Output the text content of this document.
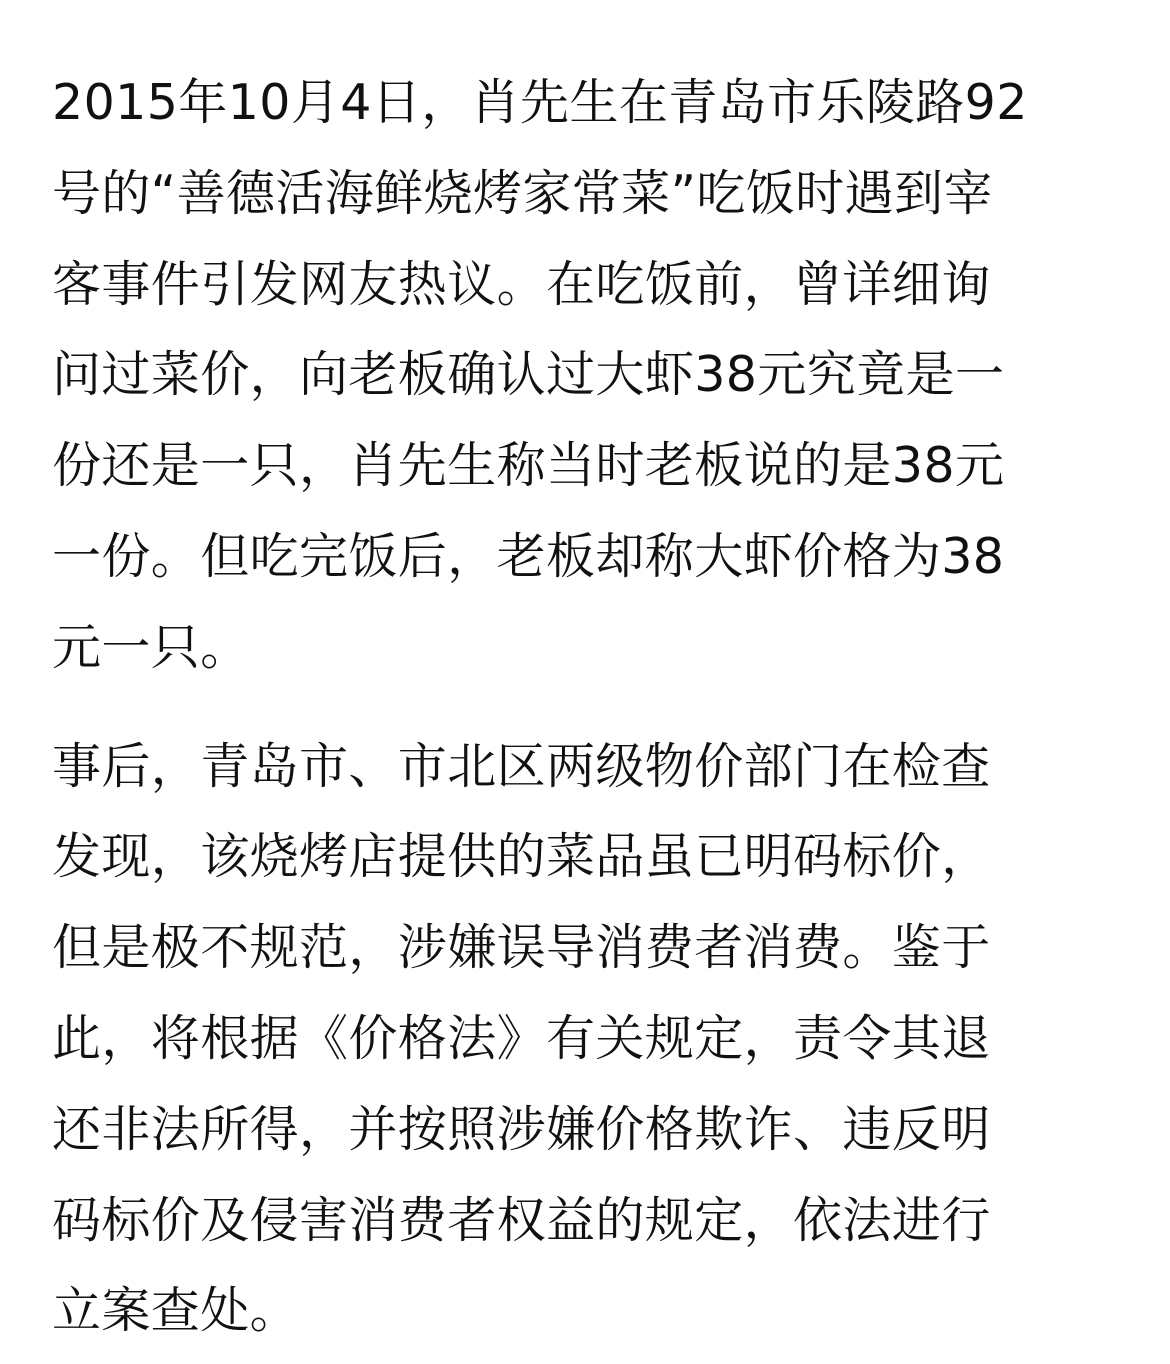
2015年10月4日，肖先生在青岛市乐陵路92
号的“善德活海鲜烧烤家常菜”吃饭时遇到宰
客事件引发网友热议。在吃饭前，曾详细询
问过菜价，向老板确认过大虾38元究竟是一
份还是一只，肖先生称当时老板说的是38元
一份。但吃完饭后，老板却称大虾价格为38
元一只。

事后，青岛市、市北区两级物价部门在检查
发现，该烧烤店提供的菜品虽已明码标价，
但是极不规范，涉嫌误导消费者消费。鉴于
此，将根据《价格法》有关规定，责令其退
还非法所得，并按照涉嫌价格欺诈、违反明
码标价及侵害消费者权益的规定，依法进行
立案查处。
